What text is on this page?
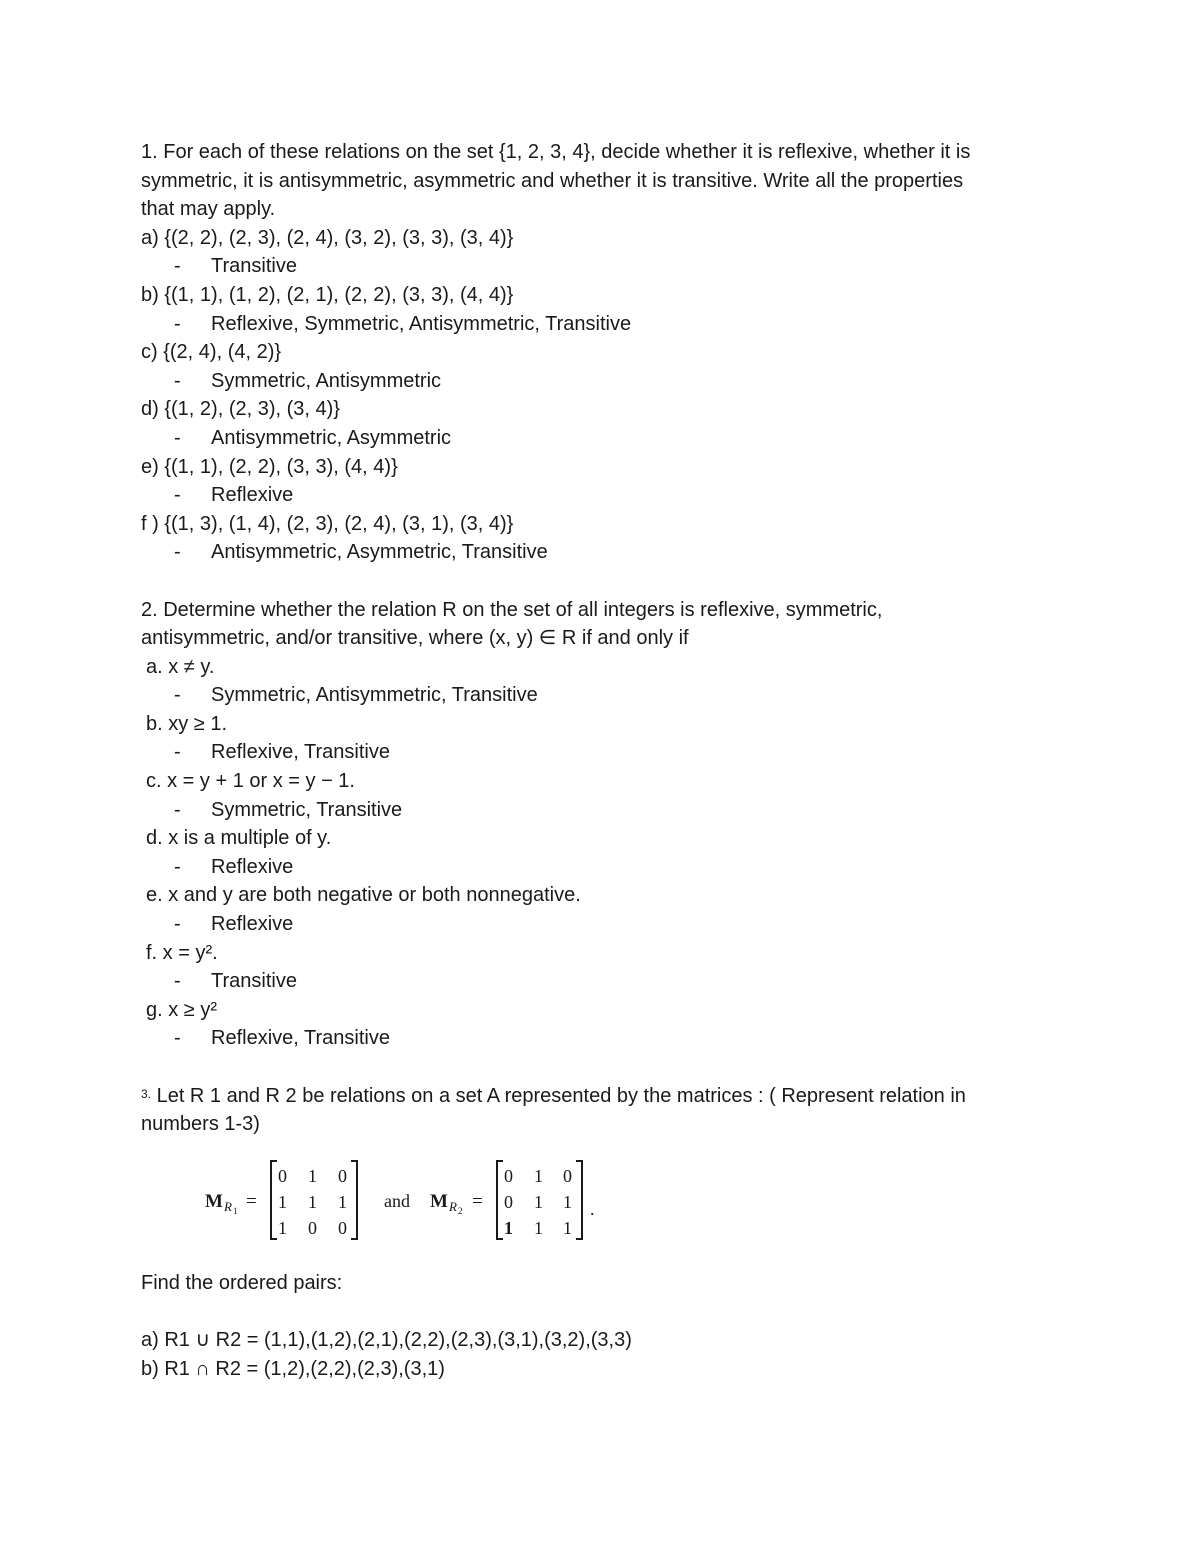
1. For each of these relations on the set {1, 2, 3, 4}, decide whether it is reflexive, whether it is
symmetric, it is antisymmetric, asymmetric and whether it is transitive. Write all the properties
that may apply.
a) {(2, 2), (2, 3), (2, 4), (3, 2), (3, 3), (3, 4)}
- Transitive
b) {(1, 1), (1, 2), (2, 1), (2, 2), (3, 3), (4, 4)}
- Reflexive, Symmetric, Antisymmetric, Transitive
c) {(2, 4), (4, 2)}
- Symmetric, Antisymmetric
d) {(1, 2), (2, 3), (3, 4)}
- Antisymmetric, Asymmetric
e) {(1, 1), (2, 2), (3, 3), (4, 4)}
- Reflexive
f ) {(1, 3), (1, 4), (2, 3), (2, 4), (3, 1), (3, 4)}
- Antisymmetric, Asymmetric, Transitive
2. Determine whether the relation R on the set of all integers is reflexive, symmetric,
antisymmetric, and/or transitive, where (x, y) ∈ R if and only if
a. x ≠ y.
- Symmetric, Antisymmetric, Transitive
b. xy ≥ 1.
- Reflexive, Transitive
c. x = y + 1 or x = y − 1.
- Symmetric, Transitive
d. x is a multiple of y.
- Reflexive
e. x and y are both negative or both nonnegative.
- Reflexive
f. x = y².
- Transitive
g. x ≥ y²
- Reflexive, Transitive
$^{3.}$ Let R 1 and R 2 be relations on a set A represented by the matrices : ( Represent relation in
numbers 1-3)
M R 1 =
0 1 0
1 1 1
1 0 0
and M R 2 =
0 1 0
0 1 1
1 1 1
.
Find the ordered pairs:
a) R1 ∪ R2 = (1,1),(1,2),(2,1),(2,2),(2,3),(3,1),(3,2),(3,3)
b) R1 ∩ R2 = (1,2),(2,2),(2,3),(3,1)
